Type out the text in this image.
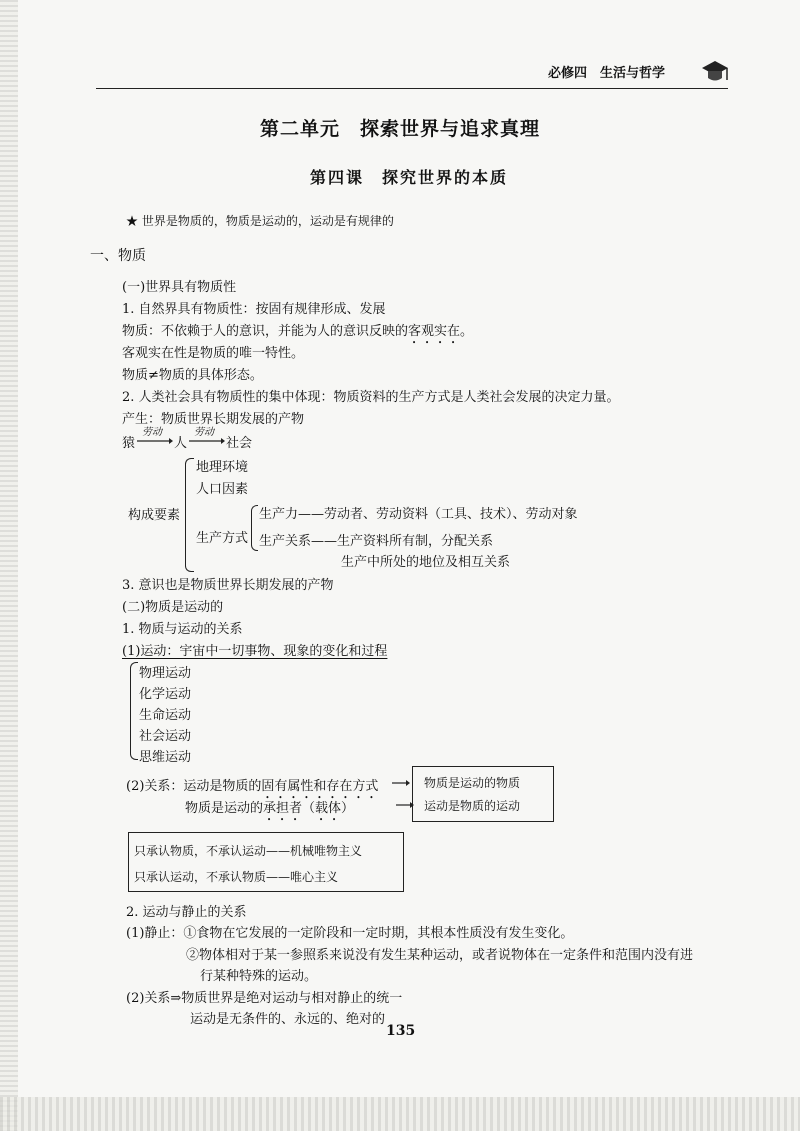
必修四　生活与哲学
第二单元　探索世界与追求真理
第四课　探究世界的本质
★ 世界是物质的，物质是运动的，运动是有规律的
一、物质
(一)世界具有物质性
1. 自然界具有物质性：按固有规律形成、发展
物质：不依赖于人的意识，并能为人的意识反映的客观实在。
客观实在性是物质的唯一特性。
物质≠物质的具体形态。
2. 人类社会具有物质性的集中体现：物质资料的生产方式是人类社会发展的决定力量。
产生：物质世界长期发展的产物
猿
劳动
人
劳动
社会
构成要素
地理环境
人口因素
生产方式
生产力——劳动者、劳动资料（工具、技术）、劳动对象
生产关系——生产资料所有制，分配关系
生产中所处的地位及相互关系
3. 意识也是物质世界长期发展的产物
(二)物质是运动的
1. 物质与运动的关系
(1)运动：宇宙中一切事物、现象的变化和过程
物理运动
化学运动
生命运动
社会运动
思维运动
(2)关系：运动是物质的固有属性和存在方式
物质是运动的承担者（载体）
物质是运动的物质
运动是物质的运动
只承认物质，不承认运动——机械唯物主义
只承认运动，不承认物质——唯心主义
2. 运动与静止的关系
(1)静止：①食物在它发展的一定阶段和一定时期，其根本性质没有发生变化。
②物体相对于某一参照系来说没有发生某种运动，或者说物体在一定条件和范围内没有进
行某种特殊的运动。
(2)关系⇒物质世界是绝对运动与相对静止的统一
运动是无条件的、永远的、绝对的
135
